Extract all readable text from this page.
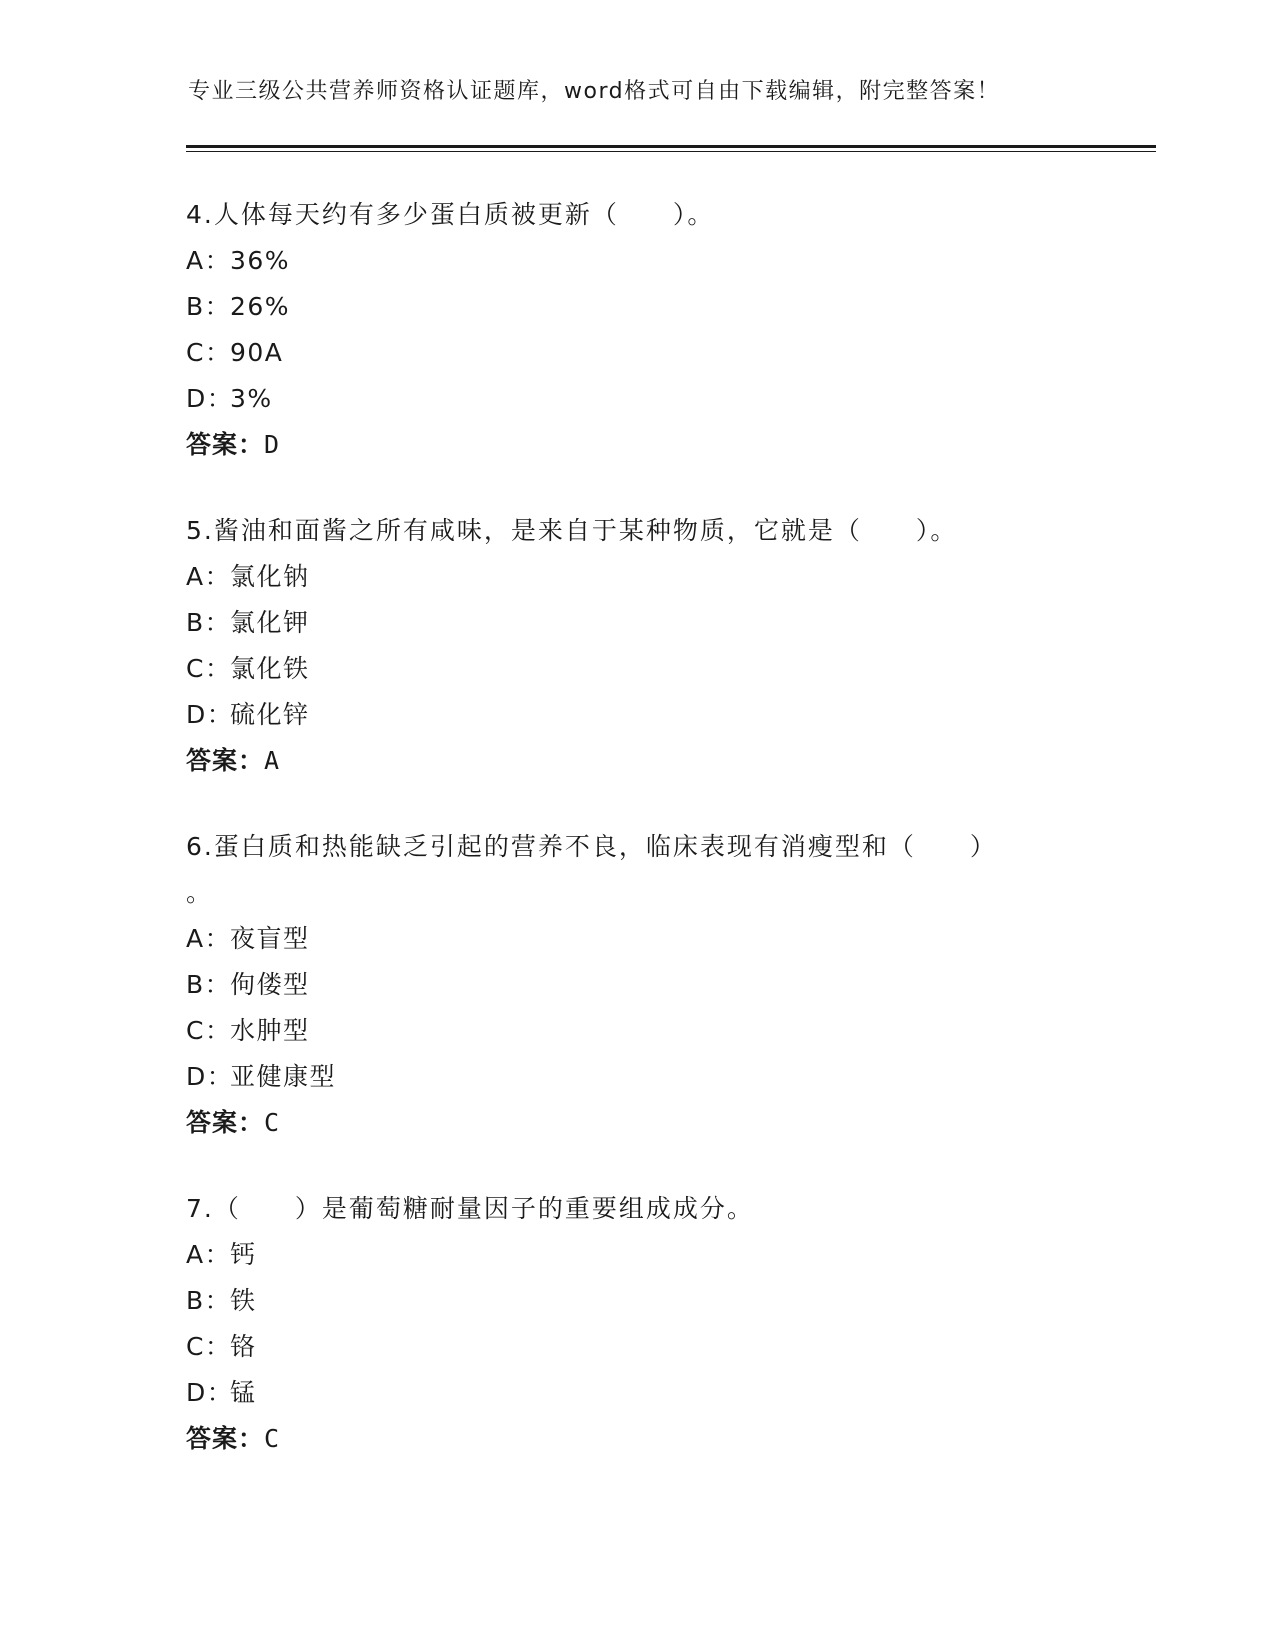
专业三级公共营养师资格认证题库，word格式可自由下载编辑，附完整答案！
4.人体每天约有多少蛋白质被更新（　　）。
A：36%
B：26%
C：90A
D：3%
答案：D
5.酱油和面酱之所有咸味，是来自于某种物质，它就是（　　）。
A：氯化钠
B：氯化钾
C：氯化铁
D：硫化锌
答案：A
6.蛋白质和热能缺乏引起的营养不良，临床表现有消瘦型和（　　）
。
A：夜盲型
B：佝偻型
C：水肿型
D：亚健康型
答案：C
7.（　　）是葡萄糖耐量因子的重要组成成分。
A：钙
B：铁
C：铬
D：锰
答案：C
